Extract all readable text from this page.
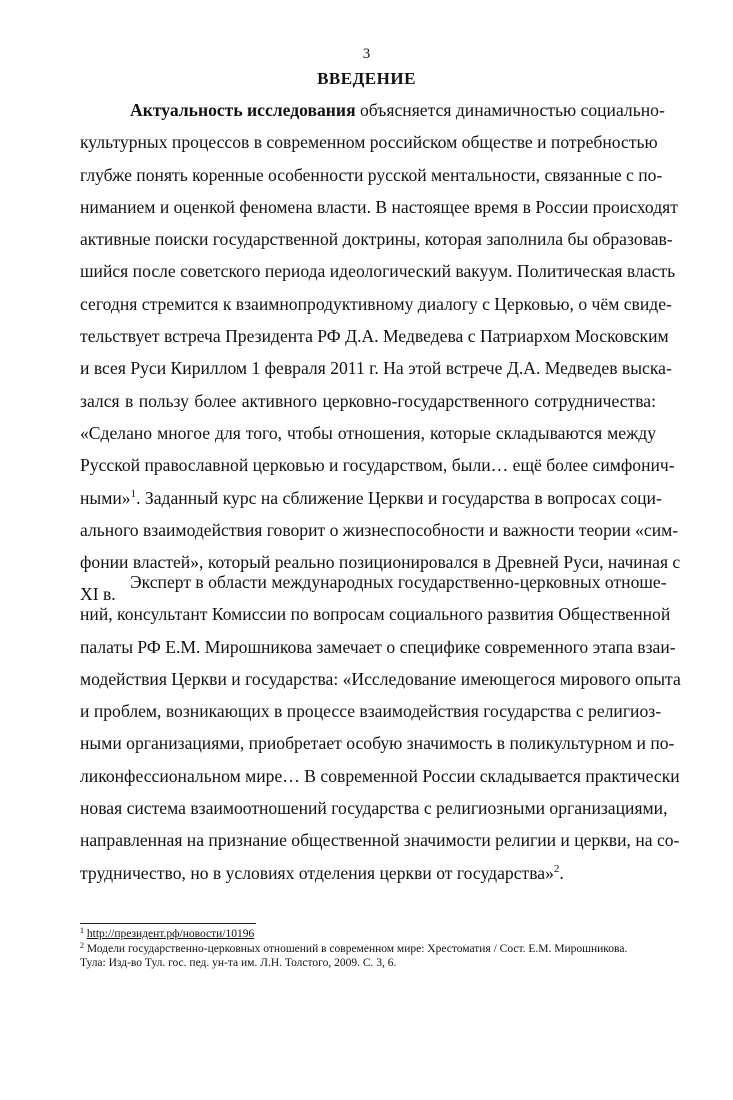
3
ВВЕДЕНИЕ
Актуальность исследования объясняется динамичностью социально-
культурных процессов в современном российском обществе и потребностью
глубже понять коренные особенности русской ментальности, связанные с по-
ниманием и оценкой феномена власти. В настоящее время в России происходят
активные поиски государственной доктрины, которая заполнила бы образовав-
шийся после советского периода идеологический вакуум. Политическая власть
сегодня стремится к взаимнопродуктивному диалогу с Церковью, о чём свиде-
тельствует встреча Президента РФ Д.А. Медведева с Патриархом Московским
и всея Руси Кириллом 1 февраля 2011 г. На этой встрече Д.А. Медведев выска-
зался в пользу более активного церковно-государственного сотрудничества:
«Сделано многое для того, чтобы отношения, которые складываются между
Русской православной церковью и государством, были… ещё более симфонич-
ными»$^1$. Заданный курс на сближение Церкви и государства в вопросах соци-
ального взаимодействия говорит о жизнеспособности и важности теории «сим-
фонии властей», который реально позиционировался в Древней Руси, начиная с
XI в.
Эксперт в области международных государственно-церковных отноше-
ний, консультант Комиссии по вопросам социального развития Общественной
палаты РФ Е.М. Мирошникова замечает о специфике современного этапа взаи-
модействия Церкви и государства: «Исследование имеющегося мирового опыта
и проблем, возникающих в процессе взаимодействия государства с религиоз-
ными организациями, приобретает особую значимость в поликультурном и по-
ликонфессиональном мире… В современной России складывается практически
новая система взаимоотношений государства с религиозными организациями,
направленная на признание общественной значимости религии и церкви, на со-
трудничество, но в условиях отделения церкви от государства»$^2$.
$^1$ http://президент.рф/новости/10196
$^2$ Модели государственно-церковных отношений в современном мире: Хрестоматия / Сост. Е.М. Мирошникова.
Тула: Изд-во Тул. гос. пед. ун-та им. Л.Н. Толстого, 2009. С. 3, 6.
